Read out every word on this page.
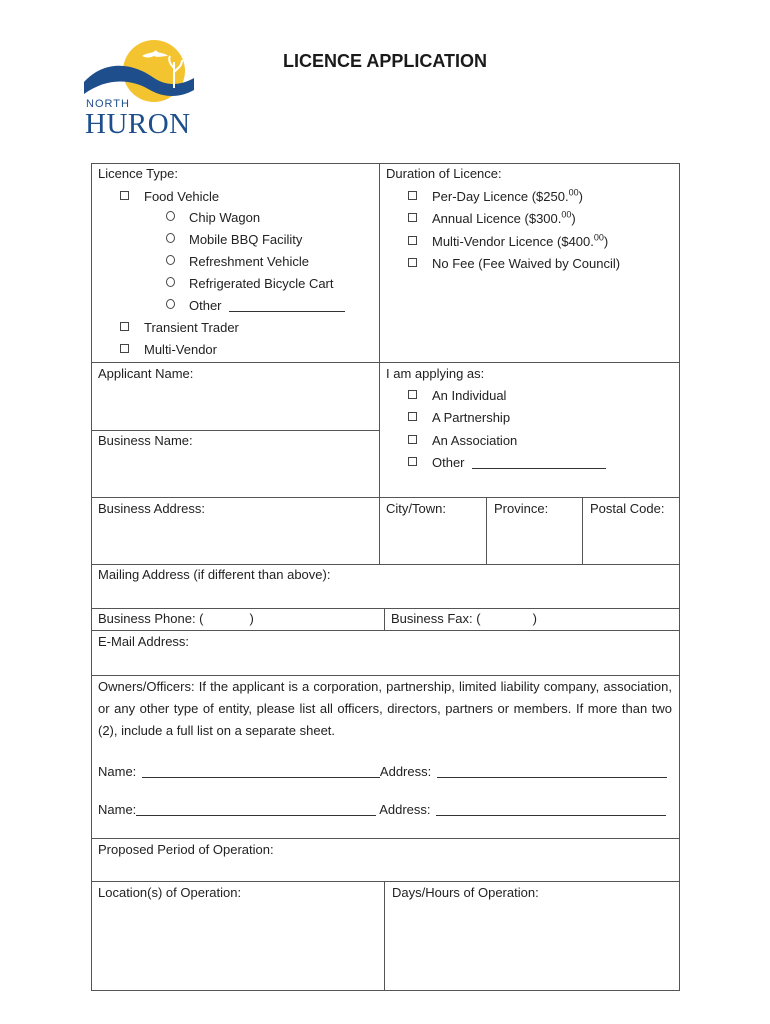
NORTH
HURON
LICENCE APPLICATION
Licence Type:
Food Vehicle
Chip Wagon
Mobile BBQ Facility
Refreshment Vehicle
Refrigerated Bicycle Cart
Other
Transient Trader
Multi-Vendor
Duration of Licence:
Per-Day Licence ($250.00)
Annual Licence ($300.00)
Multi-Vendor Licence ($400.00)
No Fee (Fee Waived by Council)
Applicant Name:
Business Name:
I am applying as:
An Individual
A Partnership
An Association
Other
Business Address:	City/Town:	Province:	Postal Code:
Mailing Address (if different than above):
Business Phone: (	)	Business Fax: (	)
E-Mail Address:
Owners/Officers: If the applicant is a corporation, partnership, limited liability company, association, or any other type of entity, please list all officers, directors, partners or members. If more than two (2), include a full list on a separate sheet.
Name:	Address:
Name:	Address:
Proposed Period of Operation:
Location(s) of Operation:	Days/Hours of Operation:
